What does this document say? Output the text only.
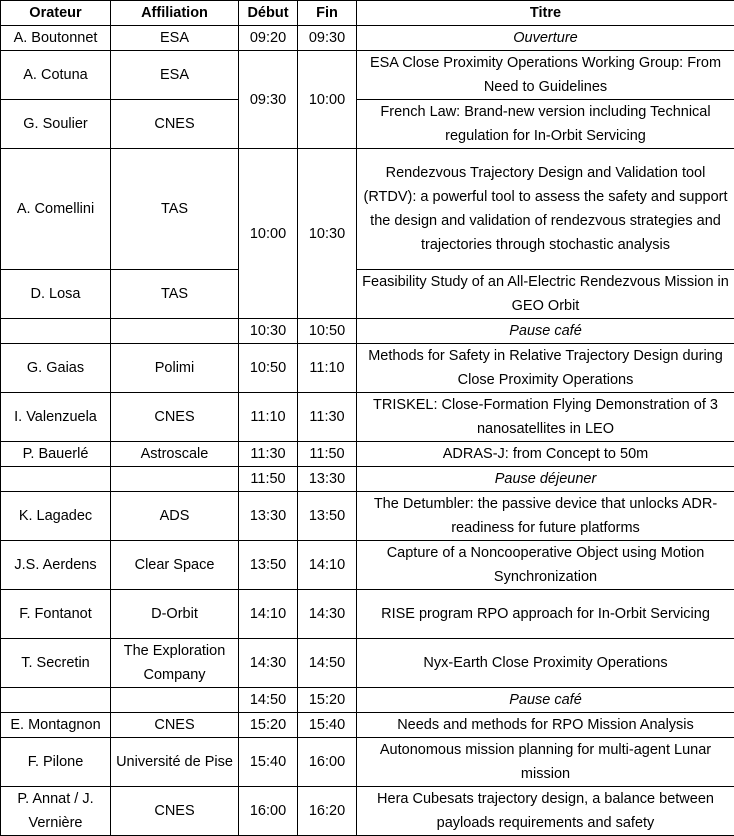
Orateur	Affiliation	Début	Fin	Titre
A. Boutonnet	ESA	09:20	09:30	Ouverture
A. Cotuna	ESA	09:30	10:00	ESA Close Proximity Operations Working Group: From Need to Guidelines
G. Soulier	CNES			French Law: Brand-new version including Technical regulation for In-Orbit Servicing
A. Comellini	TAS	10:00	10:30	Rendezvous Trajectory Design and Validation tool (RTDV): a powerful tool to assess the safety and support the design and validation of rendezvous strategies and trajectories through stochastic analysis
D. Losa	TAS			Feasibility Study of an All-Electric Rendezvous Mission in GEO Orbit
		10:30	10:50	Pause café
G. Gaias	Polimi	10:50	11:10	Methods for Safety in Relative Trajectory Design during Close Proximity Operations
I. Valenzuela	CNES	11:10	11:30	TRISKEL: Close-Formation Flying Demonstration of 3 nanosatellites in LEO
P. Bauerlé	Astroscale	11:30	11:50	ADRAS-J: from Concept to 50m
		11:50	13:30	Pause déjeuner
K. Lagadec	ADS	13:30	13:50	The Detumbler: the passive device that unlocks ADR-readiness for future platforms
J.S. Aerdens	Clear Space	13:50	14:10	Capture of a Noncooperative Object using Motion Synchronization
F. Fontanot	D-Orbit	14:10	14:30	RISE program RPO approach for In-Orbit Servicing
T. Secretin	The Exploration Company	14:30	14:50	Nyx-Earth Close Proximity Operations
		14:50	15:20	Pause café
E. Montagnon	CNES	15:20	15:40	Needs and methods for RPO Mission Analysis
F. Pilone	Université de Pise	15:40	16:00	Autonomous mission planning for multi-agent Lunar mission
P. Annat / J. Vernière	CNES	16:00	16:20	Hera Cubesats trajectory design, a balance between payloads requirements and safety
